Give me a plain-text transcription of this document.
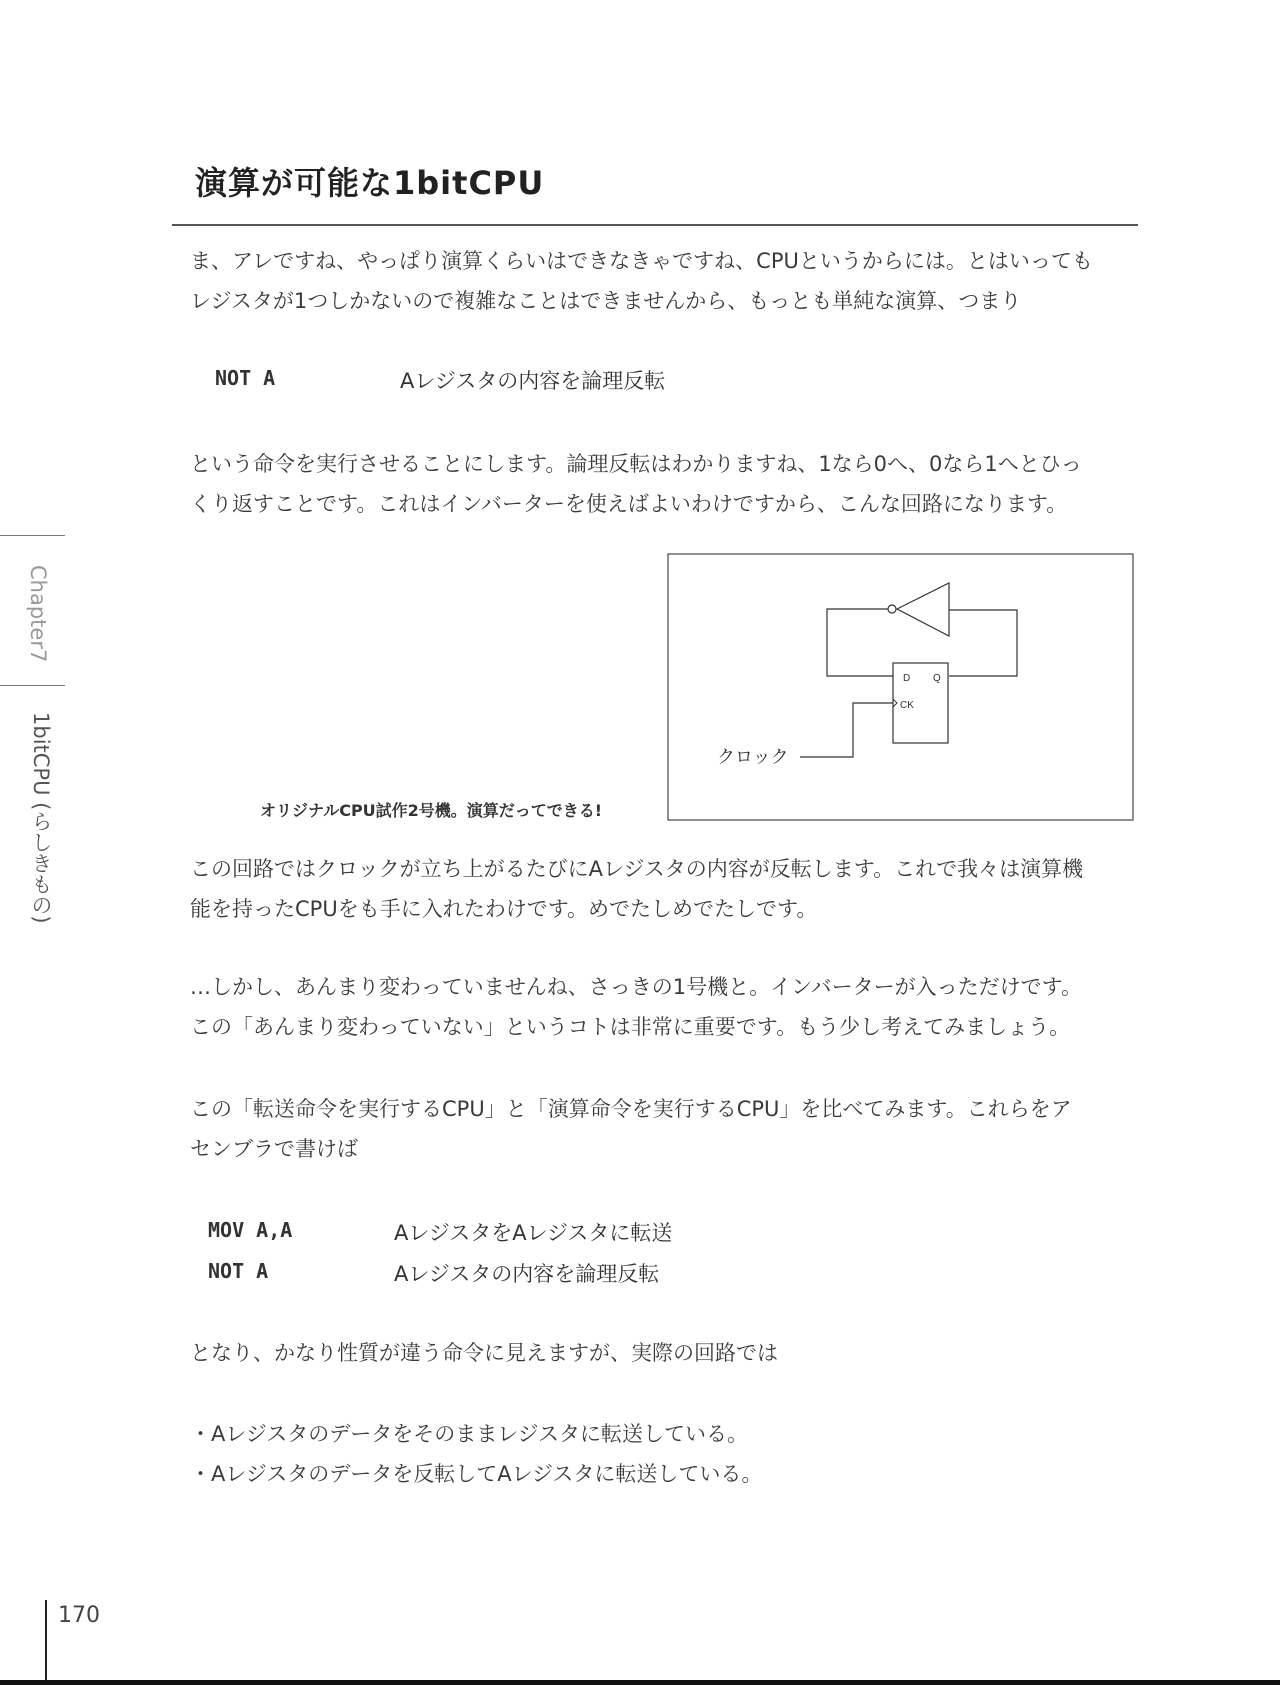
演算が可能な1bitCPU
ま、アレですね、やっぱり演算くらいはできなきゃですね、CPUというからには。とはいっても
レジスタが1つしかないので複雑なことはできませんから、もっとも単純な演算、つまり
NOT A	Aレジスタの内容を論理反転
という命令を実行させることにします。論理反転はわかりますね、1なら0へ、0なら1へとひっ
くり返すことです。これはインバーターを使えばよいわけですから、こんな回路になります。
D Q
CK
クロック
オリジナルCPU試作2号機。演算だってできる!
この回路ではクロックが立ち上がるたびにAレジスタの内容が反転します。これで我々は演算機
能を持ったCPUをも手に入れたわけです。めでたしめでたしです。
…しかし、あんまり変わっていませんね、さっきの1号機と。インバーターが入っただけです。
この「あんまり変わっていない」というコトは非常に重要です。もう少し考えてみましょう。
この「転送命令を実行するCPU」と「演算命令を実行するCPU」を比べてみます。これらをア
センブラで書けば
MOV A,A	AレジスタをAレジスタに転送
NOT A	Aレジスタの内容を論理反転
となり、かなり性質が違う命令に見えますが、実際の回路では
・Aレジスタのデータをそのままレジスタに転送している。
・Aレジスタのデータを反転してAレジスタに転送している。
Chapter7
1bitCPU (らしきもの)
170
